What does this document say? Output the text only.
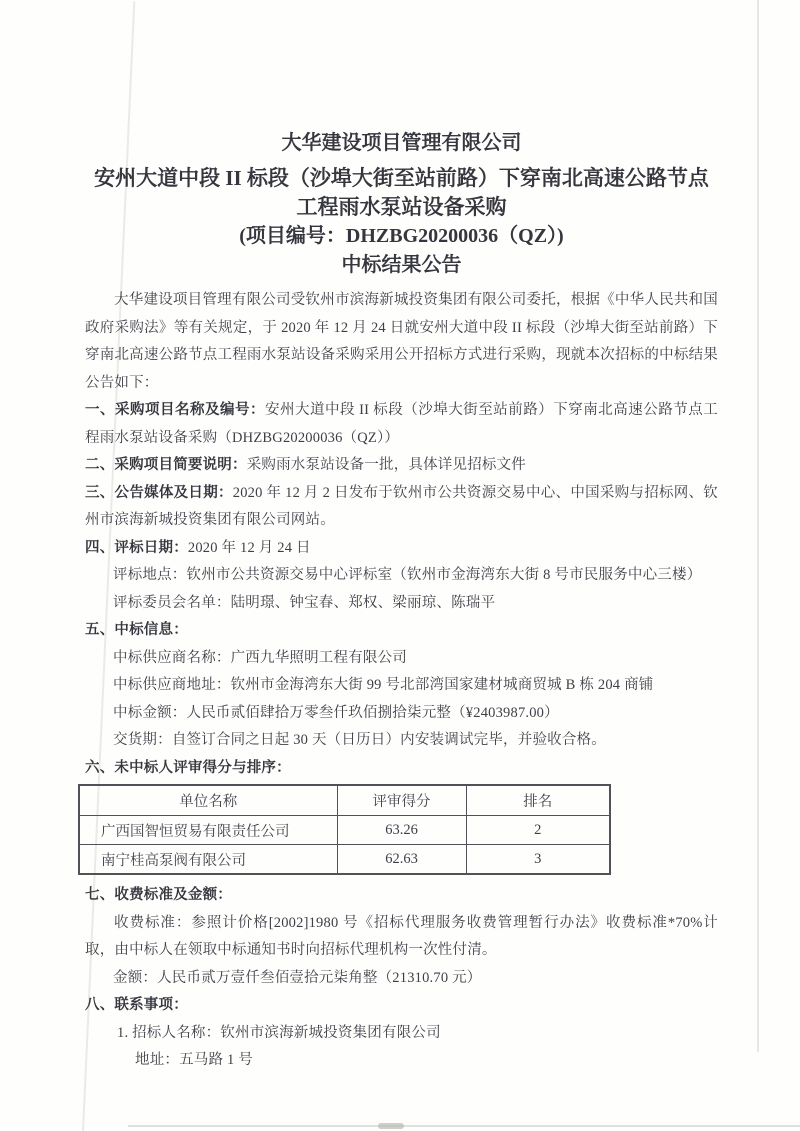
大华建设项目管理有限公司
安州大道中段 II 标段（沙埠大街至站前路）下穿南北高速公路节点工程雨水泵站设备采购
(项目编号：DHZBG20200036（QZ）)
中标结果公告

大华建设项目管理有限公司受钦州市滨海新城投资集团有限公司委托，根据《中华人民共和国政府采购法》等有关规定，于 2020 年 12 月 24 日就安州大道中段 II 标段（沙埠大街至站前路）下穿南北高速公路节点工程雨水泵站设备采购采用公开招标方式进行采购，现就本次招标的中标结果公告如下：

一、采购项目名称及编号：安州大道中段 II 标段（沙埠大街至站前路）下穿南北高速公路节点工程雨水泵站设备采购（DHZBG20200036（QZ））

二、采购项目简要说明：采购雨水泵站设备一批，具体详见招标文件

三、公告媒体及日期：2020 年 12 月 2 日发布于钦州市公共资源交易中心、中国采购与招标网、钦州市滨海新城投资集团有限公司网站。

四、评标日期：2020 年 12 月 24 日

评标地点：钦州市公共资源交易中心评标室（钦州市金海湾东大街 8 号市民服务中心三楼）

评标委员会名单：陆明璟、钟宝春、郑权、梁丽琼、陈瑞平

五、中标信息：

中标供应商名称：广西九华照明工程有限公司

中标供应商地址：钦州市金海湾东大街 99 号北部湾国家建材城商贸城 B 栋 204 商铺

中标金额：人民币贰佰肆拾万零叁仟玖佰捌拾柒元整（¥2403987.00）

交货期：自签订合同之日起 30 天（日历日）内安装调试完毕，并验收合格。

六、未中标人评审得分与排序：

单位名称	评审得分	排名
广西国智恒贸易有限责任公司	63.26	2
南宁桂高泵阀有限公司	62.63	3

七、收费标准及金额：

收费标准：参照计价格[2002]1980 号《招标代理服务收费管理暂行办法》收费标准*70%计取，由中标人在领取中标通知书时向招标代理机构一次性付清。

金额：人民币贰万壹仟叁佰壹拾元柒角整（21310.70 元）

八、联系事项：

1. 招标人名称：钦州市滨海新城投资集团有限公司

地址：五马路 1 号
